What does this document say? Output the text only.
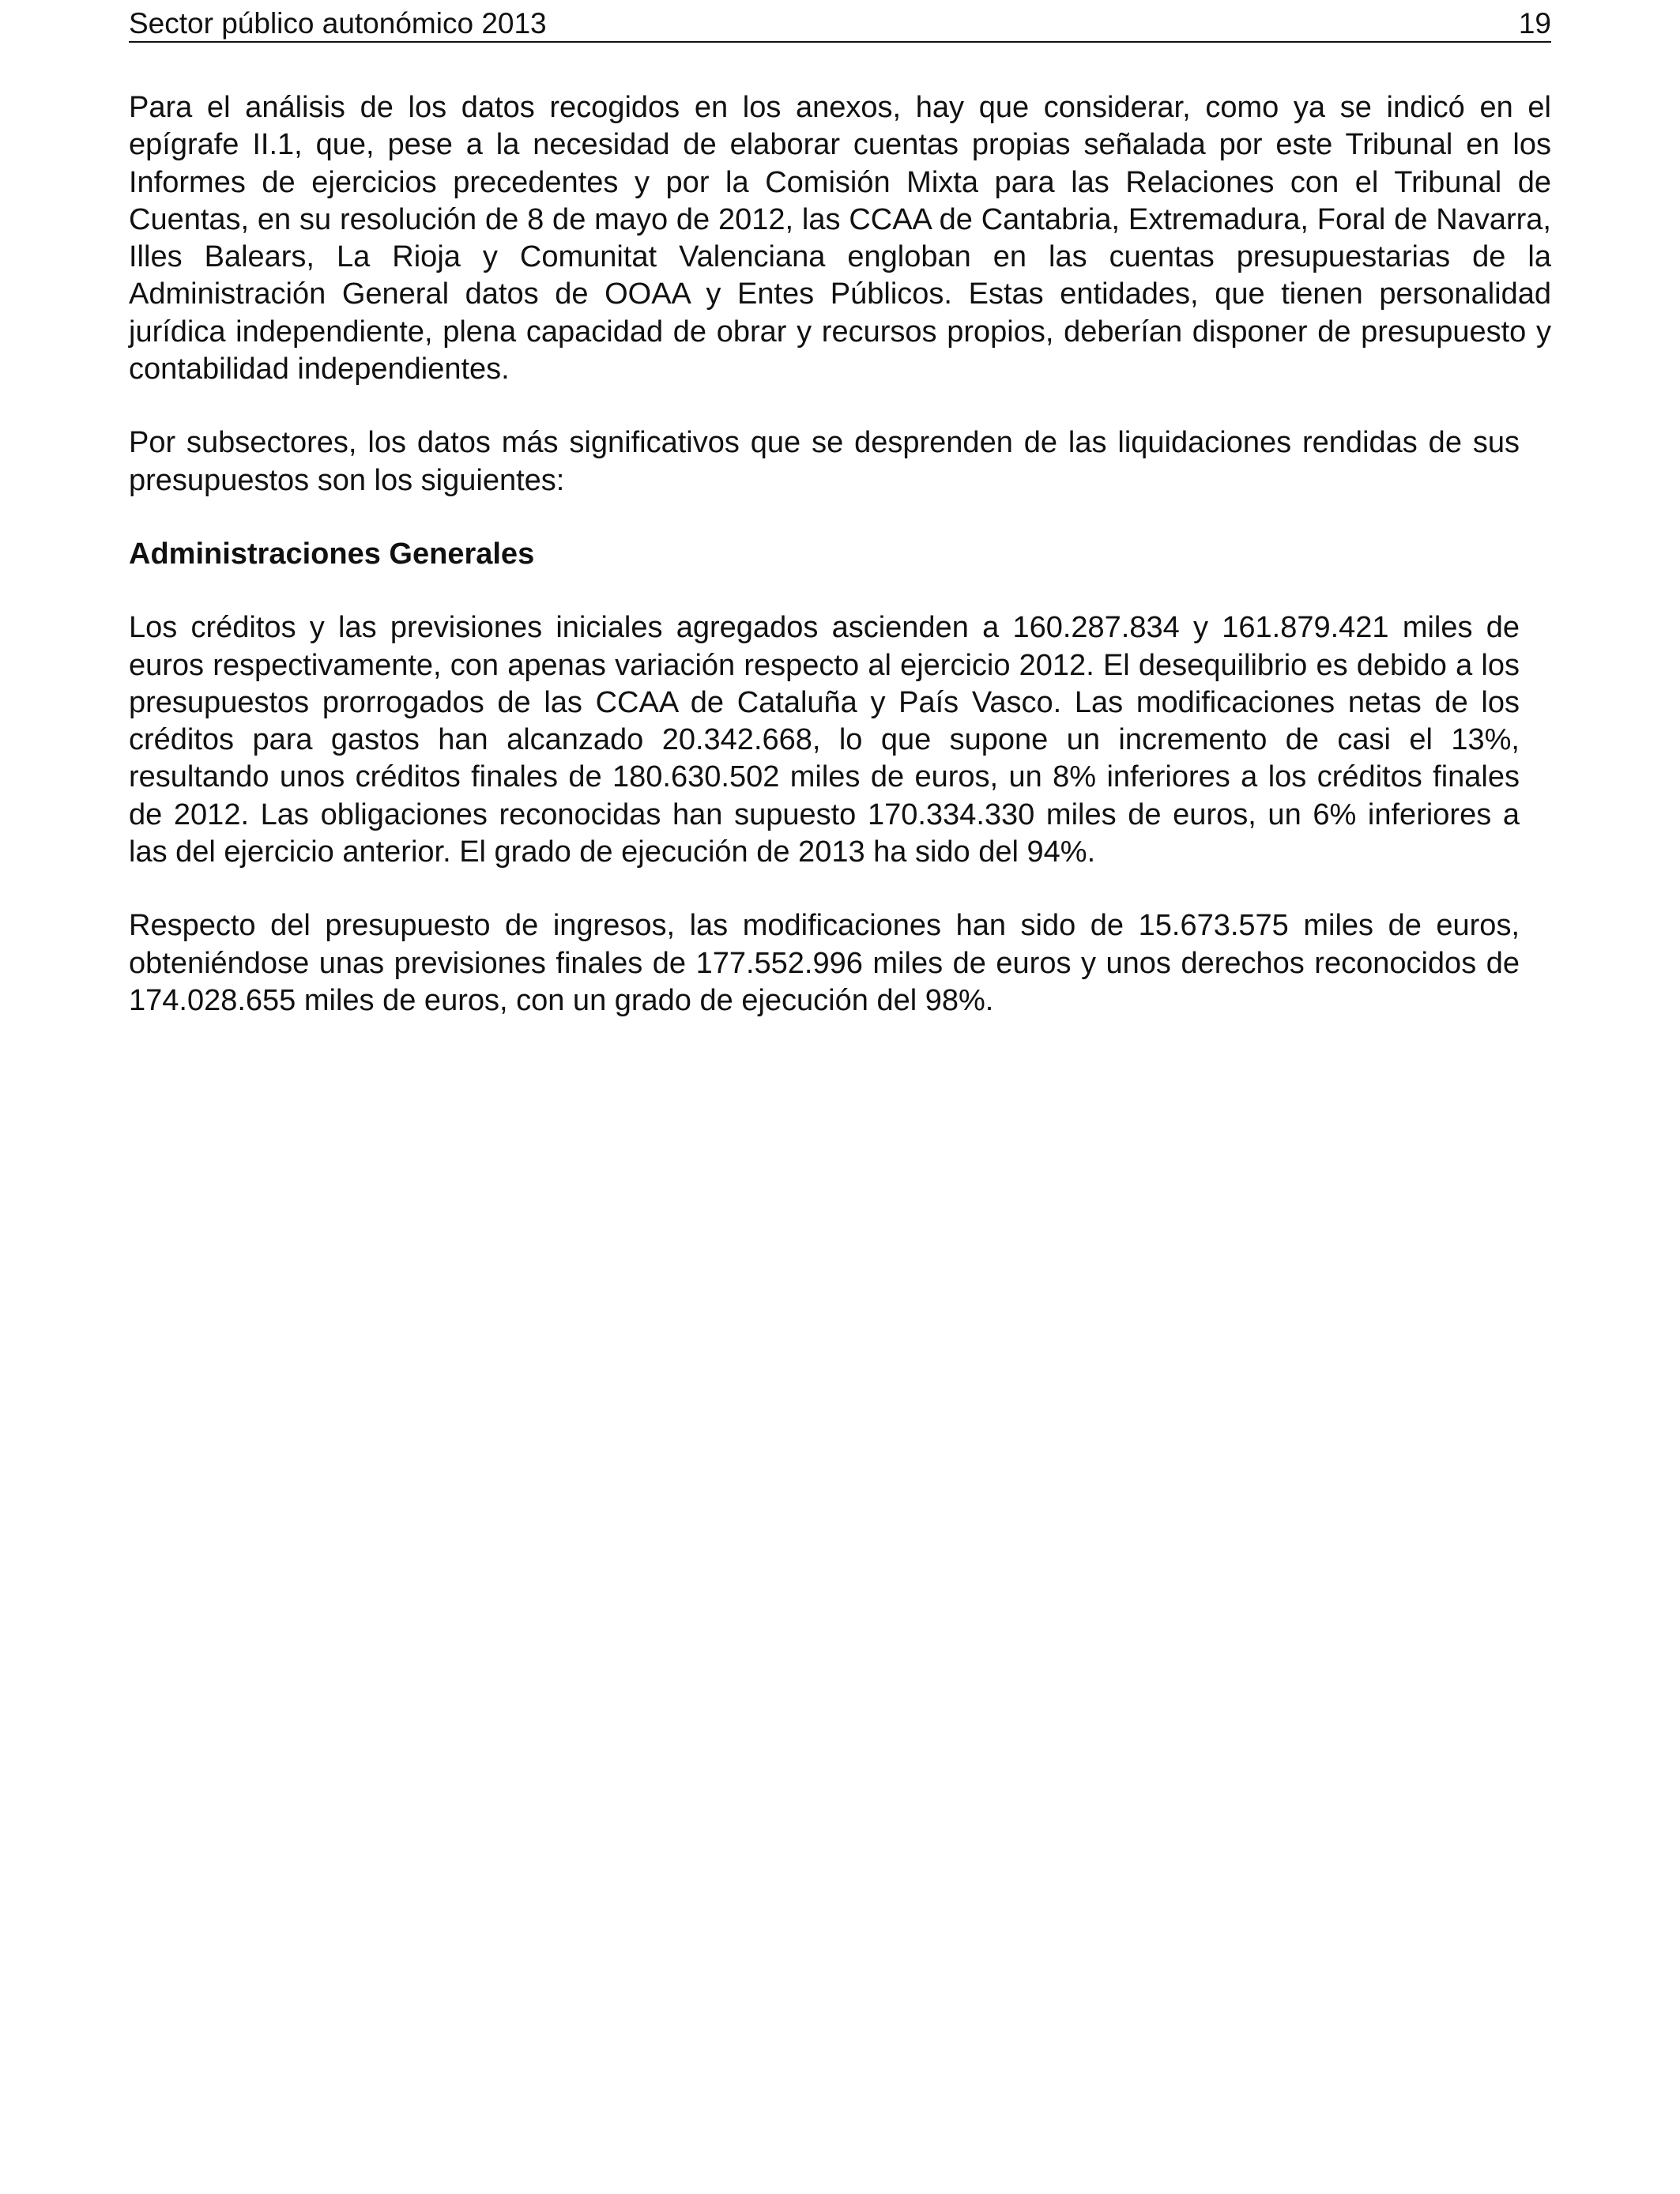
Sector público autonómico 2013	19

Para el análisis de los datos recogidos en los anexos, hay que considerar, como ya se indicó en el epígrafe II.1, que, pese a la necesidad de elaborar cuentas propias señalada por este Tribunal en los Informes de ejercicios precedentes y por la Comisión Mixta para las Relaciones con el Tribunal de Cuentas, en su resolución de 8 de mayo de 2012, las CCAA de Cantabria, Extremadura, Foral de Navarra, Illes Balears, La Rioja y Comunitat Valenciana engloban en las cuentas presupuestarias de la Administración General datos de OOAA y Entes Públicos. Estas entidades, que tienen personalidad jurídica independiente, plena capacidad de obrar y recursos propios, deberían disponer de presupuesto y contabilidad independientes.

Por subsectores, los datos más significativos que se desprenden de las liquidaciones rendidas de sus presupuestos son los siguientes:

Administraciones Generales

Los créditos y las previsiones iniciales agregados ascienden a 160.287.834 y 161.879.421 miles de euros respectivamente, con apenas variación respecto al ejercicio 2012. El desequilibrio es debido a los presupuestos prorrogados de las CCAA de Cataluña y País Vasco. Las modificaciones netas de los créditos para gastos han alcanzado 20.342.668, lo que supone un incremento de casi el 13%, resultando unos créditos finales de 180.630.502 miles de euros, un 8% inferiores a los créditos finales de 2012. Las obligaciones reconocidas han supuesto 170.334.330 miles de euros, un 6% inferiores a las del ejercicio anterior. El grado de ejecución de 2013 ha sido del 94%.

Respecto del presupuesto de ingresos, las modificaciones han sido de 15.673.575 miles de euros, obteniéndose unas previsiones finales de 177.552.996 miles de euros y unos derechos reconocidos de 174.028.655 miles de euros, con un grado de ejecución del 98%.
